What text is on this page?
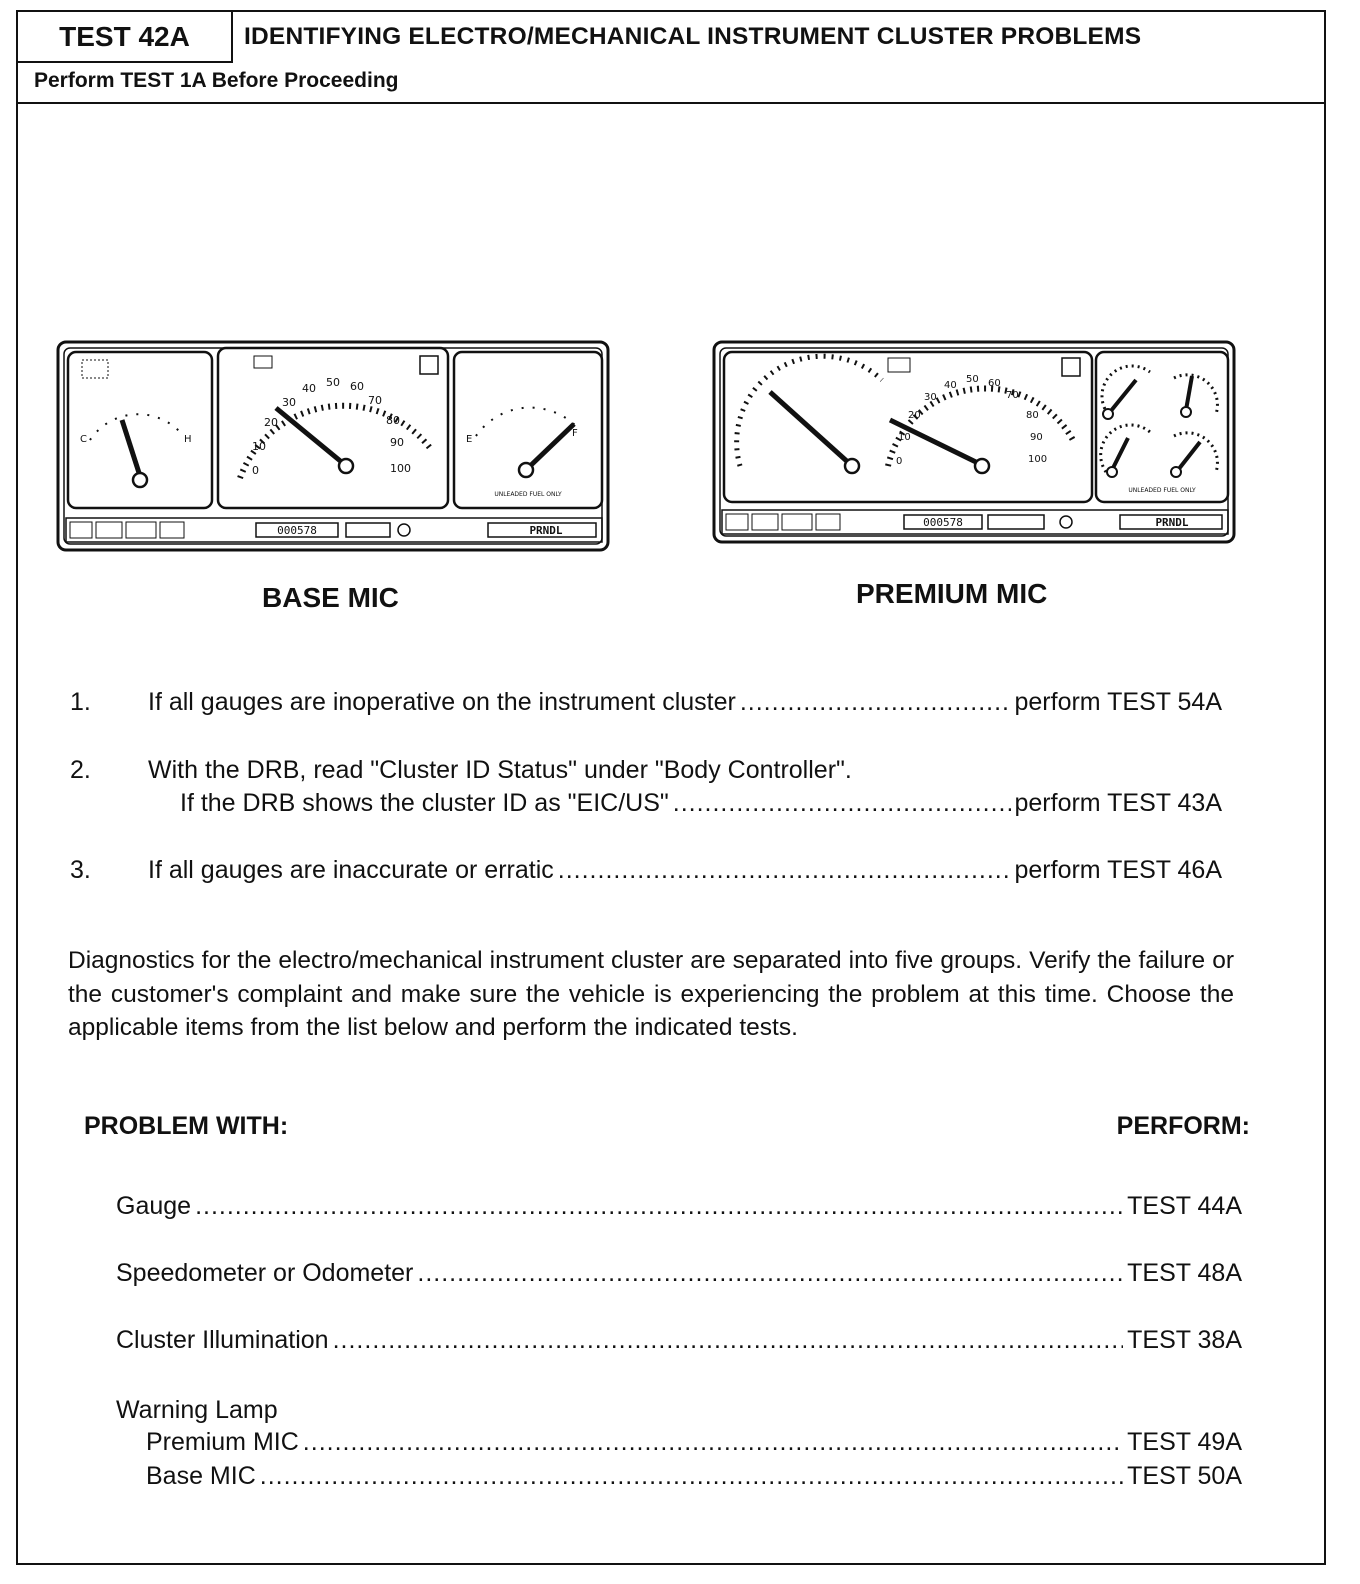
TEST 42A	IDENTIFYING ELECTRO/MECHANICAL INSTRUMENT CLUSTER PROBLEMS
Perform TEST 1A Before Proceeding
C	H
0
10
20
30
40 50 60
70
80
90
100
E
F
UNLEADED FUEL ONLY
000578	PRNDL
BASE MIC
0
10
20
30
40
50 60
70
80
90
100
UNLEADED FUEL ONLY
000578	PRNDL
PREMIUM MIC
1. If all gauges are inoperative on the instrument cluster .....	perform TEST 54A
2. With the DRB, read "Cluster ID Status" under "Body Controller".
If the DRB shows the cluster ID as "EIC/US" .....	perform TEST 43A
3. If all gauges are inaccurate or erratic .....	perform TEST 46A
Diagnostics for the electro/mechanical instrument cluster are separated into five groups. Verify the failure or the customer's complaint and make sure the vehicle is experiencing the problem at this time. Choose the applicable items from the list below and perform the indicated tests.
PROBLEM WITH:	PERFORM:
Gauge .....	TEST 44A
Speedometer or Odometer .....	TEST 48A
Cluster Illumination .....	TEST 38A
Warning Lamp
Premium MIC .....	TEST 49A
Base MIC .....	TEST 50A
